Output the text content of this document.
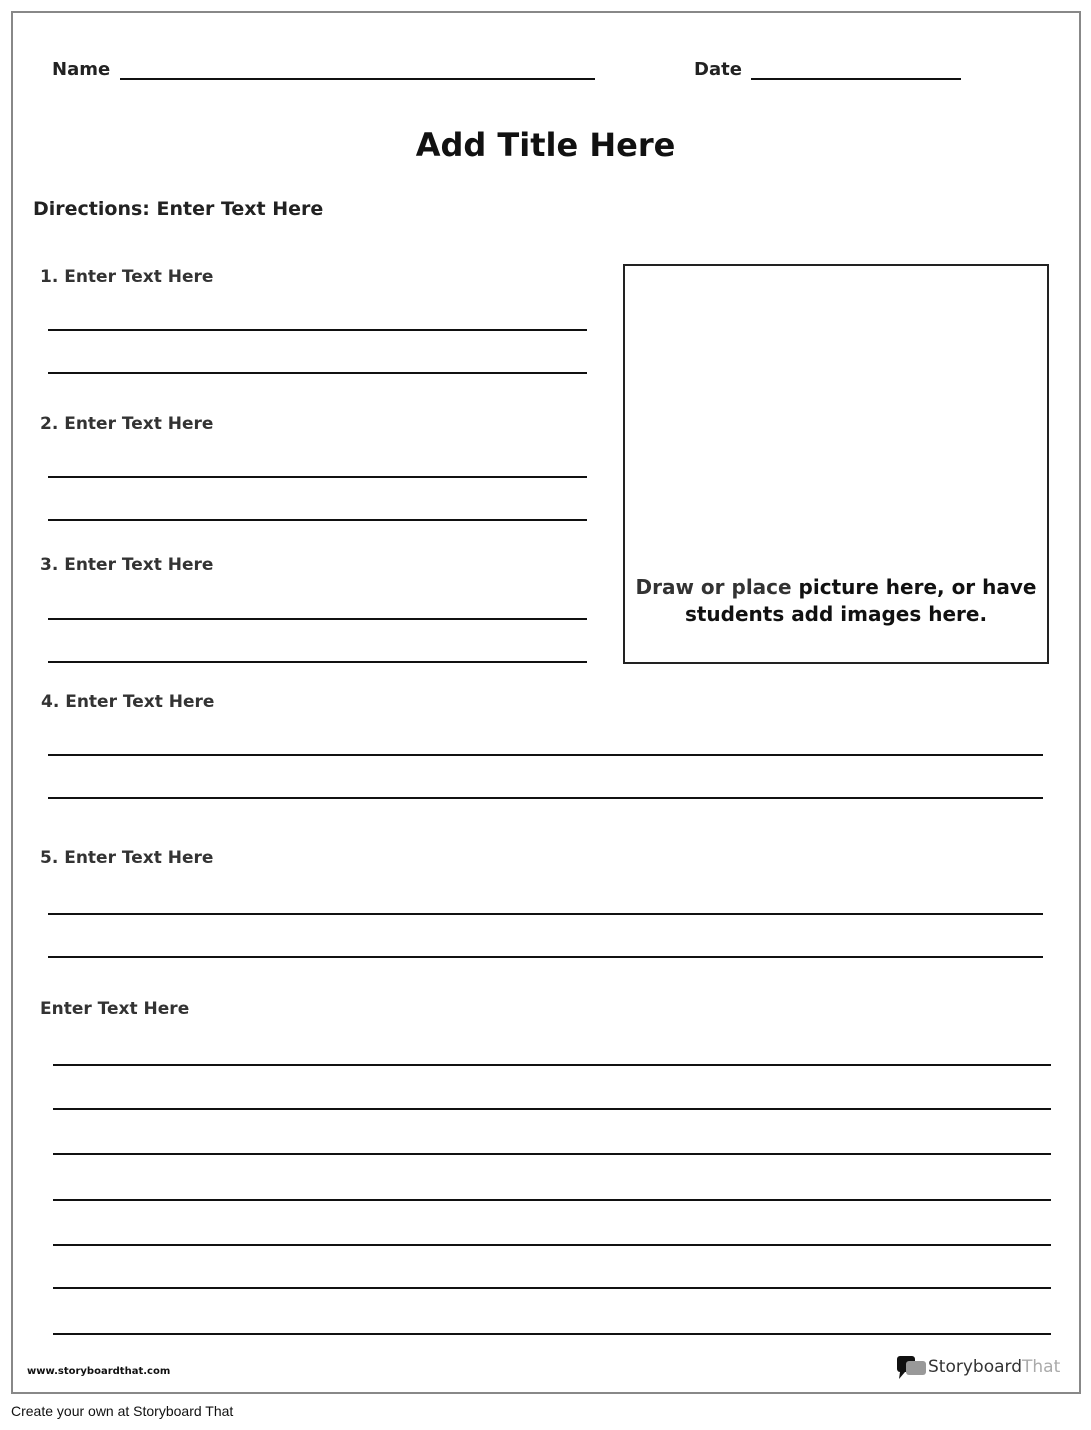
Name	Date
Add Title Here
Directions: Enter Text Here
1. Enter Text Here
2. Enter Text Here
3. Enter Text Here
Draw or place picture here, or have students add images here.
4. Enter Text Here
5. Enter Text Here
Enter Text Here
www.storyboardthat.com	Storyboard That
Create your own at Storyboard That
